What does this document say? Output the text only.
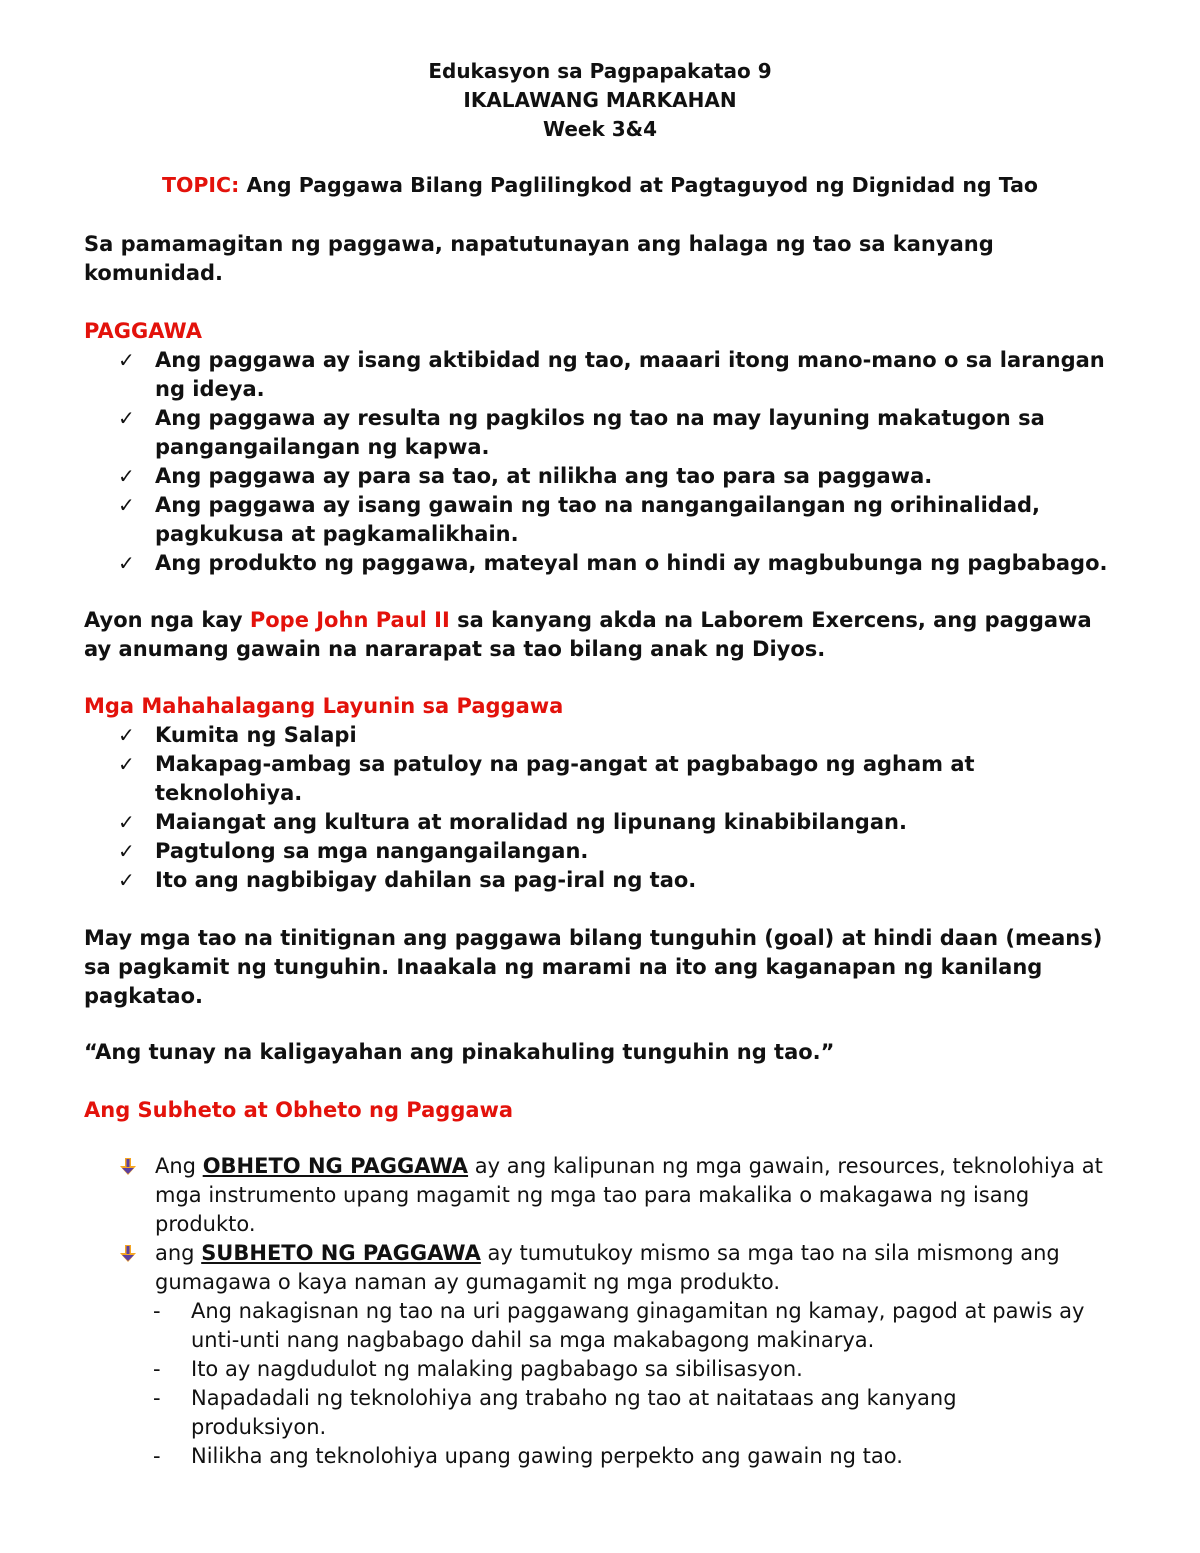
Edukasyon sa Pagpapakatao 9
IKALAWANG MARKAHAN
Week 3&4
TOPIC: Ang Paggawa Bilang Paglilingkod at Pagtaguyod ng Dignidad ng Tao
Sa pamamagitan ng paggawa, napatutunayan ang halaga ng tao sa kanyang komunidad.
PAGGAWA
✓ Ang paggawa ay isang aktibidad ng tao, maaari itong mano-mano o sa larangan ng ideya.
✓ Ang paggawa ay resulta ng pagkilos ng tao na may layuning makatugon sa pangangailangan ng kapwa.
✓ Ang paggawa ay para sa tao, at nilikha ang tao para sa paggawa.
✓ Ang paggawa ay isang gawain ng tao na nangangailangan ng orihinalidad, pagkukusa at pagkamalikhain.
✓ Ang produkto ng paggawa, mateyal man o hindi ay magbubunga ng pagbabago.
Ayon nga kay Pope John Paul II sa kanyang akda na Laborem Exercens, ang paggawa ay anumang gawain na nararapat sa tao bilang anak ng Diyos.
Mga Mahahalagang Layunin sa Paggawa
✓ Kumita ng Salapi
✓ Makapag-ambag sa patuloy na pag-angat at pagbabago ng agham at teknolohiya.
✓ Maiangat ang kultura at moralidad ng lipunang kinabibilangan.
✓ Pagtulong sa mga nangangailangan.
✓ Ito ang nagbibigay dahilan sa pag-iral ng tao.
May mga tao na tinitignan ang paggawa bilang tunguhin (goal) at hindi daan (means) sa pagkamit ng tunguhin. Inaakala ng marami na ito ang kaganapan ng kanilang pagkatao.
“Ang tunay na kaligayahan ang pinakahuling tunguhin ng tao.”
Ang Subheto at Obheto ng Paggawa
Ang OBHETO NG PAGGAWA ay ang kalipunan ng mga gawain, resources, teknolohiya at mga instrumento upang magamit ng mga tao para makalika o makagawa ng isang produkto.
ang SUBHETO NG PAGGAWA ay tumutukoy mismo sa mga tao na sila mismong ang gumagawa o kaya naman ay gumagamit ng mga produkto.
- Ang nakagisnan ng tao na uri paggawang ginagamitan ng kamay, pagod at pawis ay unti-unti nang nagbabago dahil sa mga makabagong makinarya.
- Ito ay nagdudulot ng malaking pagbabago sa sibilisasyon.
- Napadadali ng teknolohiya ang trabaho ng tao at naitataas ang kanyang produksiyon.
- Nilikha ang teknolohiya upang gawing perpekto ang gawain ng tao.
